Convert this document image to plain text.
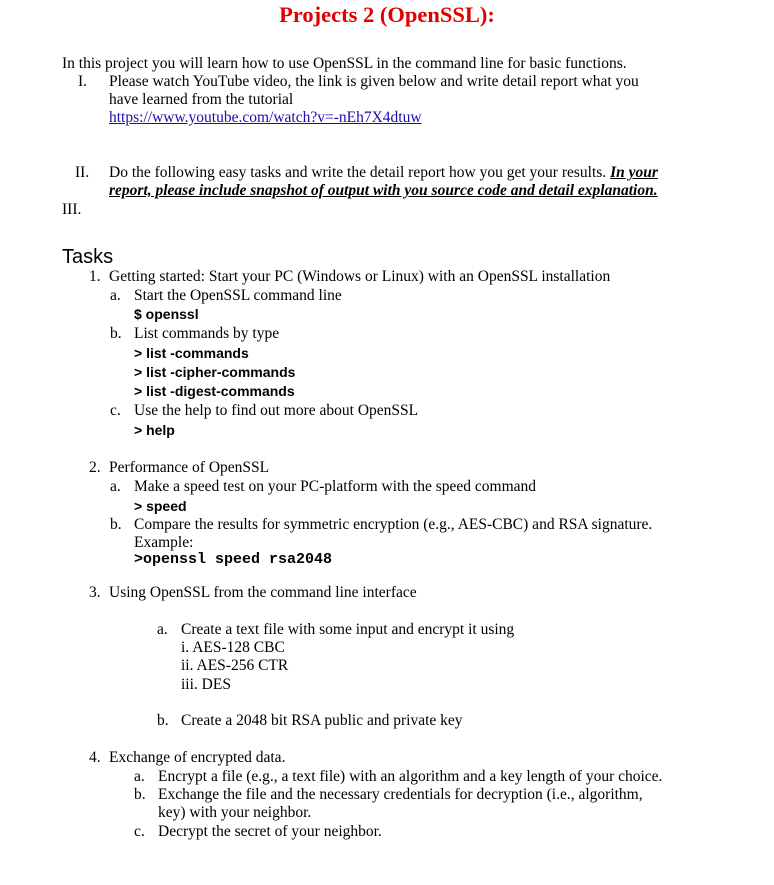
Projects 2 (OpenSSL):
In this project you will learn how to use OpenSSL in the command line for basic functions.
I. Please watch YouTube video, the link is given below and write detail report what you
have learned from the tutorial
https://www.youtube.com/watch?v=-nEh7X4dtuw
II. Do the following easy tasks and write the detail report how you get your results. In your
report, please include snapshot of output with you source code and detail explanation.
III.
Tasks
1. Getting started: Start your PC (Windows or Linux) with an OpenSSL installation
a. Start the OpenSSL command line
$ openssl
b. List commands by type
> list -commands
> list -cipher-commands
> list -digest-commands
c. Use the help to find out more about OpenSSL
> help
2. Performance of OpenSSL
a. Make a speed test on your PC-platform with the speed command
> speed
b. Compare the results for symmetric encryption (e.g., AES-CBC) and RSA signature.
Example:
>openssl speed rsa2048
3. Using OpenSSL from the command line interface
a. Create a text file with some input and encrypt it using
i. AES-128 CBC
ii. AES-256 CTR
iii. DES
b. Create a 2048 bit RSA public and private key
4. Exchange of encrypted data.
a. Encrypt a file (e.g., a text file) with an algorithm and a key length of your choice.
b. Exchange the file and the necessary credentials for decryption (i.e., algorithm,
key) with your neighbor.
c. Decrypt the secret of your neighbor.
